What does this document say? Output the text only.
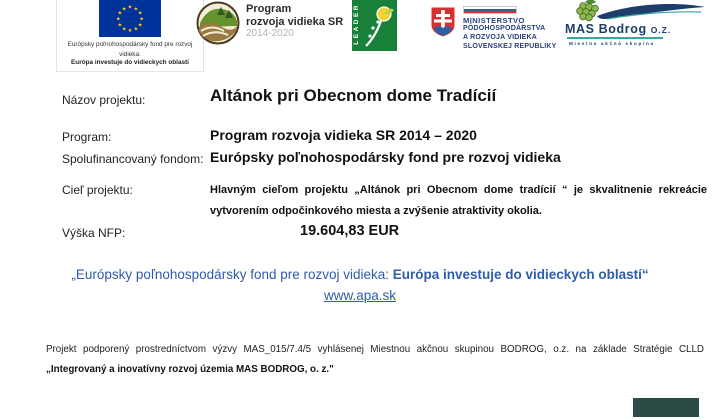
★ ★
★
★
★
★
★
★
★
★
★
★
Európsky poľnohospodársky fond pre rozvoj vidieka:
Európa investuje do vidieckych oblastí
Program
rozvoja vidieka SR
2014-2020	LEADER	MINISTERSTVO
PÔDOHOSPODÁRSTVA
A ROZVOJA VIDIEKA
SLOVENSKEJ REPUBLIKY
MAS Bodrog O.Z.
Miestna akčná skupina
Názov projektu:	Altánok pri Obecnom dome Tradícií
Program:	Program rozvoja vidieka SR 2014 – 2020
Spolufinancovaný fondom: Európsky poľnohospodársky fond pre rozvoj vidieka
Cieľ projektu:	Hlavným cieľom projektu „Altánok pri Obecnom dome tradícií “ je skvalitnenie rekreácie vytvorením odpočinkového miesta a zvýšenie atraktivity okolia.
Výška NFP:	19.604,83 EUR
„Európsky poľnohospodársky fond pre rozvoj vidieka: Európa investuje do vidieckych oblastí“
www.apa.sk
Projekt podporený prostredníctvom výzvy MAS_015/7.4/5 vyhlásenej Miestnou akčnou skupinou BODROG, o.z. na základe Stratégie CLLD
„Integrovaný a inovatívny rozvoj územia MAS BODROG, o. z."
